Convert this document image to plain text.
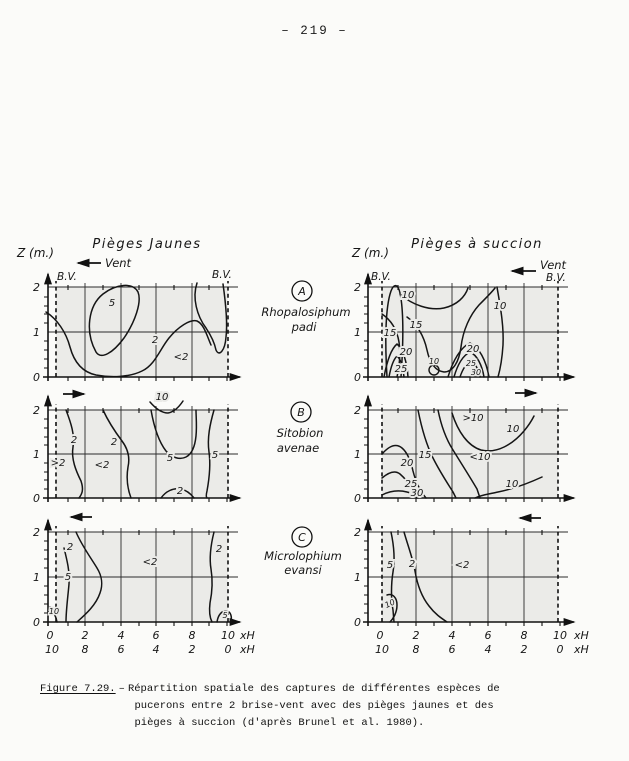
– 219 –
Pièges Jaunes
Z (m.)
Vent
B.V.	B.V.
Pièges à succion
Z (m.)
Vent
B.V.
B.V.
A
Rhopalosiphum
padi
B
Sitobion
avenae
C
Microlophium
evansi
2
1
0
5
2
<2
2
1
0
10
10
15
15
20
25
10
20
25
30
2
1
0
10
2	2
>2	<2
5	5
2
2
1
0
>10
10
15	<10
20
25
30
10
2
1
0
2
5
10
<2
2
5
2
1
0
5 2	<2
10
0	2	4	6	8 10 xH
10 8	6	4	2	0 xH
0	2	4	6	8 10 xH
10 8	6	4	2	0 xH
Figure 7.29. – Répartition spatiale des captures de différentes espèces de
pucerons entre 2 brise-vent avec des pièges jaunes et des
pièges à succion (d'après Brunel et al. 1980).
